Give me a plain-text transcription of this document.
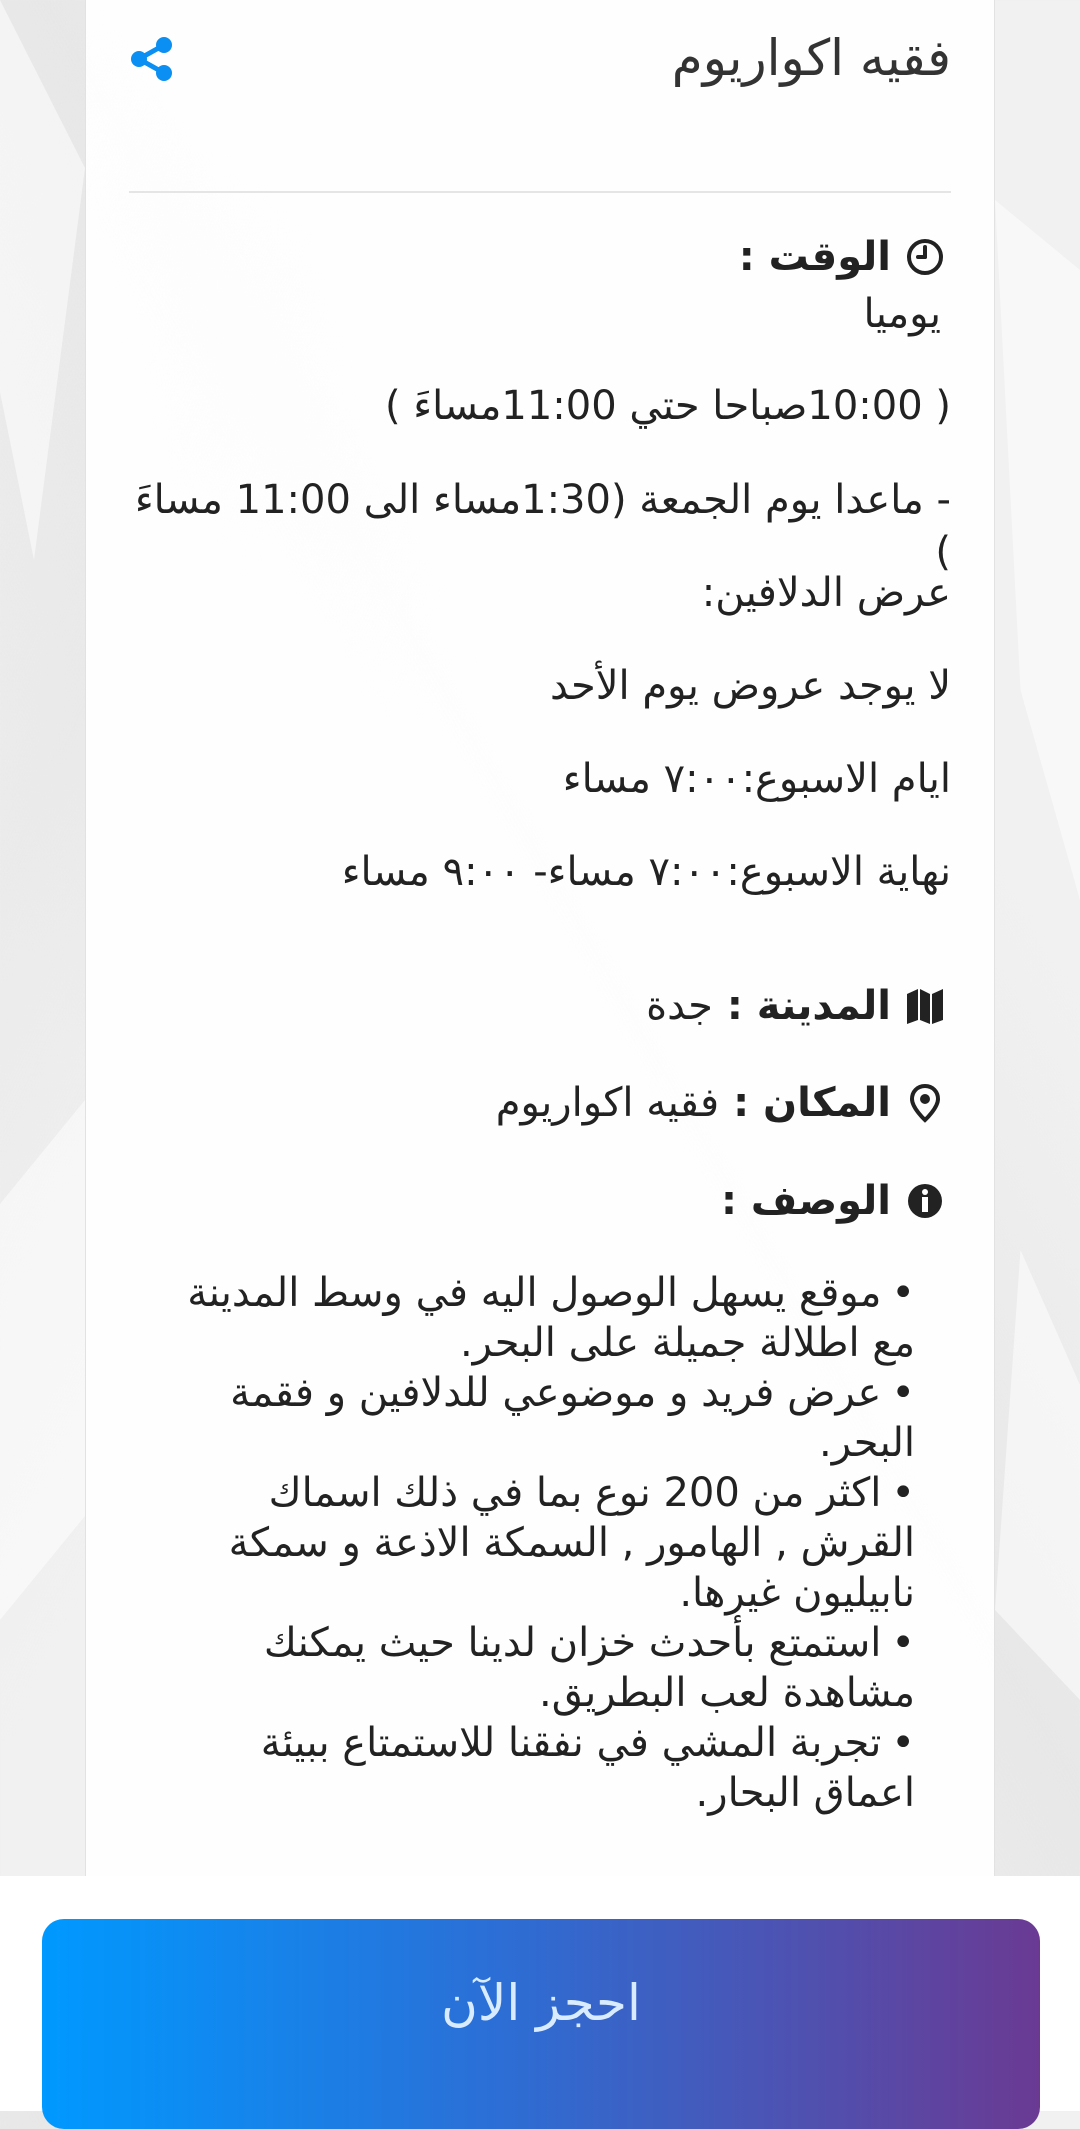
فقيه اكواريوم
الوقت :
يوميا
( 10:00صباحا حتي 11:00مساءَ )
- ماعدا يوم الجمعة (1:30مساء الى 11:00 مساءَ )
عرض الدلافين:
لا يوجد عروض يوم الأحد
ايام الاسبوع:٧:٠٠ مساء
نهاية الاسبوع:٧:٠٠ مساء- ٩:٠٠ مساء
المدينة :
جدة
المكان :
فقيه اكواريوم
الوصف :
• موقع يسهل الوصول اليه في وسط المدينة مع اطلالة جميلة على البحر.
• عرض فريد و موضوعي للدلافين و فقمة البحر.
• اكثر من 200 نوع بما في ذلك اسماك القرش , الهامور , السمكة الاذعة و سمكة نابيليون غيرها.
• استمتع بأحدث خزان لدينا حيث يمكنك مشاهدة لعب البطريق.
• تجربة المشي في نفقنا للاستمتاع ببيئة اعماق البحار.
احجز الآن
